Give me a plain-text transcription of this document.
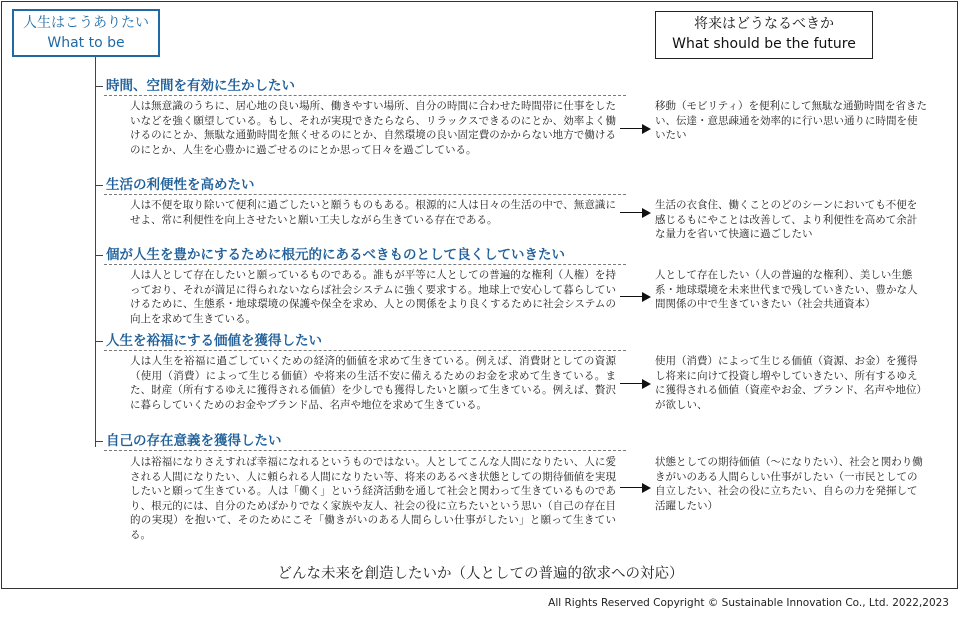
人生はこうありたい
What to be
将来はどうなるべきか
What should be the future
時間、空間を有効に生かしたい
人は無意識のうちに、居心地の良い場所、働きやすい場所、自分の時間に合わせた時間帯に仕事をしたいなどを強く願望している。もし、それが実現できたらなら、リラックスできるのにとか、効率よく働けるのにとか、無駄な通勤時間を無くせるのにとか、自然環境の良い固定費のかからない地方で働けるのにとか、人生を心豊かに過ごせるのにとか思って日々を過ごしている。
移動（モビリティ）を便利にして無駄な通勤時間を省きたい、伝達・意思疎通を効率的に行い思い通りに時間を使いたい
生活の利便性を高めたい
人は不便を取り除いて便利に過ごしたいと願うものもある。根源的に人は日々の生活の中で、無意識にせよ、常に利便性を向上させたいと願い工夫しながら生きている存在である。
生活の衣食住、働くことのどのシーンにおいても不便を感じるもにやことは改善して、より利便性を高めて余計な量力を省いて快適に過ごしたい
個が人生を豊かにするために根元的にあるべきものとして良くしていきたい
人は人として存在したいと願っているものである。誰もが平等に人としての普遍的な権利（人権）を持っており、それが満足に得られないならば社会システムに強く要求する。地球上で安心して暮らしていけるために、生態系・地球環境の保護や保全を求め、人との関係をより良くするために社会システムの向上を求めて生きている。
人として存在したい（人の普遍的な権利）、美しい生態系・地球環境を未来世代まで残していきたい、豊かな人間関係の中で生きていきたい（社会共通資本）
人生を裕福にする価値を獲得したい
人は人生を裕福に過ごしていくための経済的価値を求めて生きている。例えば、消費財としての資源（使用（消費）によって生じる価値）や将来の生活不安に備えるためのお金を求めて生きている。また、財産（所有するゆえに獲得される価値）を少しでも獲得したいと願って生きている。例えば、贅沢に暮らしていくためのお金やブランド品、名声や地位を求めて生きている。
使用（消費）によって生じる価値（資源、お金）を獲得し将来に向けて投資し増やしていきたい、所有するゆえに獲得される価値（資産やお金、ブランド、名声や地位）が欲しい、
自己の存在意義を獲得したい
人は裕福になりさえすれば幸福になれるというものではない。人としてこんな人間になりたい、人に愛される人間になりたい、人に頼られる人間になりたい等、将来のあるべき状態としての期待価値を実現したいと願って生きている。人は「働く」という経済活動を通して社会と関わって生きているものであり、根元的には、自分のためばかりでなく家族や友人、社会の役に立ちたいという思い（自己の存在目的の実現）を抱いて、そのためにこそ「働きがいのある人間らしい仕事がしたい」と願って生きている。
状態としての期待価値（～になりたい）、社会と関わり働きがいのある人間らしい仕事がしたい（一市民としての自立したい、社会の役に立ちたい、自らの力を発揮して活躍したい）
どんな未来を創造したいか（人としての普遍的欲求への対応）
All Rights Reserved Copyright © Sustainable Innovation Co., Ltd. 2022,2023
